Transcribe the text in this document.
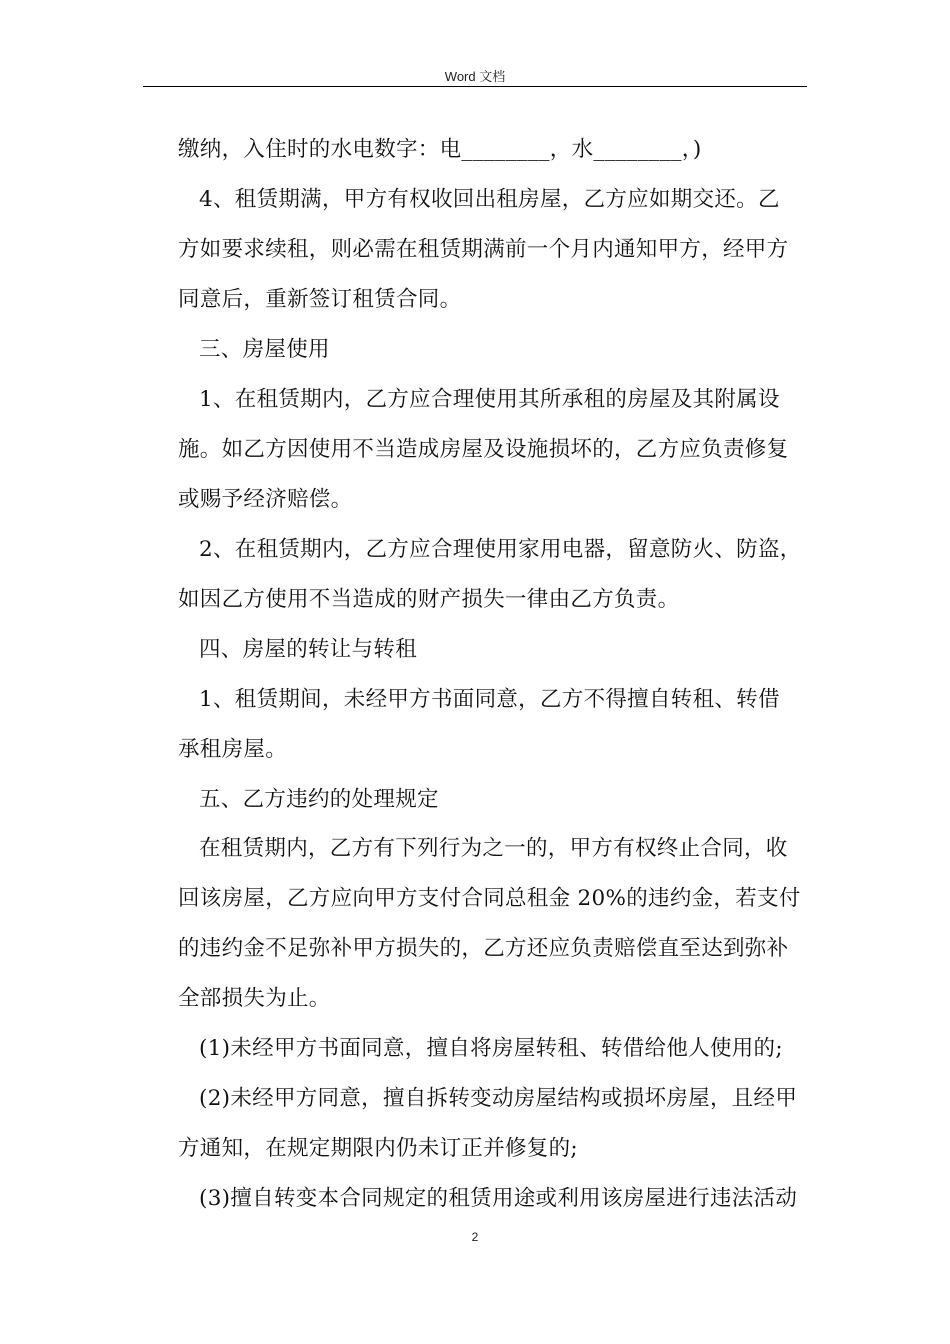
Word 文档
缴纳，入住时的水电数字：电________，水________，)
4、租赁期满，甲方有权收回出租房屋，乙方应如期交还。乙
方如要求续租，则必需在租赁期满前一个月内通知甲方，经甲方
同意后，重新签订租赁合同。
三、房屋使用
1、在租赁期内，乙方应合理使用其所承租的房屋及其附属设
施。如乙方因使用不当造成房屋及设施损坏的，乙方应负责修复
或赐予经济赔偿。
2、在租赁期内，乙方应合理使用家用电器，留意防火、防盗，
如因乙方使用不当造成的财产损失一律由乙方负责。
四、房屋的转让与转租
1、租赁期间，未经甲方书面同意，乙方不得擅自转租、转借
承租房屋。
五、乙方违约的处理规定
在租赁期内，乙方有下列行为之一的，甲方有权终止合同，收
回该房屋，乙方应向甲方支付合同总租金 20%的违约金，若支付
的违约金不足弥补甲方损失的，乙方还应负责赔偿直至达到弥补
全部损失为止。
(1)未经甲方书面同意，擅自将房屋转租、转借给他人使用的;
(2)未经甲方同意，擅自拆转变动房屋结构或损坏房屋，且经甲
方通知，在规定期限内仍未订正并修复的;
(3)擅自转变本合同规定的租赁用途或利用该房屋进行违法活动
2
